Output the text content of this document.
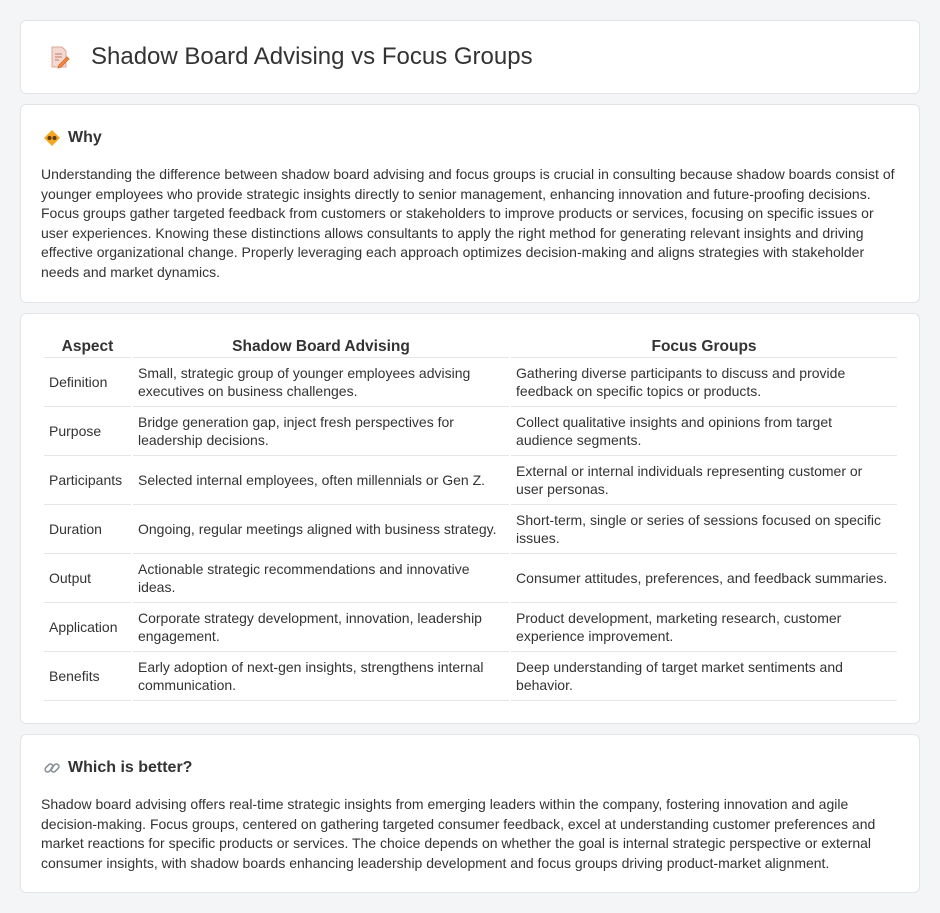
Shadow Board Advising vs Focus Groups
Why

Understanding the difference between shadow board advising and focus groups is crucial in consulting because shadow boards consist of younger employees who provide strategic insights directly to senior management, enhancing innovation and future-proofing decisions. Focus groups gather targeted feedback from customers or stakeholders to improve products or services, focusing on specific issues or user experiences. Knowing these distinctions allows consultants to apply the right method for generating relevant insights and driving effective organizational change. Properly leveraging each approach optimizes decision-making and aligns strategies with stakeholder needs and market dynamics.

Aspect	Shadow Board Advising	Focus Groups
Definition	Small, strategic group of younger employees advising executives on business challenges.	Gathering diverse participants to discuss and provide feedback on specific topics or products.
Purpose	Bridge generation gap, inject fresh perspectives for leadership decisions.	Collect qualitative insights and opinions from target audience segments.
Participants	Selected internal employees, often millennials or Gen Z.	External or internal individuals representing customer or user personas.
Duration	Ongoing, regular meetings aligned with business strategy.	Short-term, single or series of sessions focused on specific issues.
Output	Actionable strategic recommendations and innovative ideas.	Consumer attitudes, preferences, and feedback summaries.
Application	Corporate strategy development, innovation, leadership engagement.	Product development, marketing research, customer experience improvement.
Benefits	Early adoption of next-gen insights, strengthens internal communication.	Deep understanding of target market sentiments and behavior.
Which is better?

Shadow board advising offers real-time strategic insights from emerging leaders within the company, fostering innovation and agile decision-making. Focus groups, centered on gathering targeted consumer feedback, excel at understanding customer preferences and market reactions for specific products or services. The choice depends on whether the goal is internal strategic perspective or external consumer insights, with shadow boards enhancing leadership development and focus groups driving product-market alignment.
